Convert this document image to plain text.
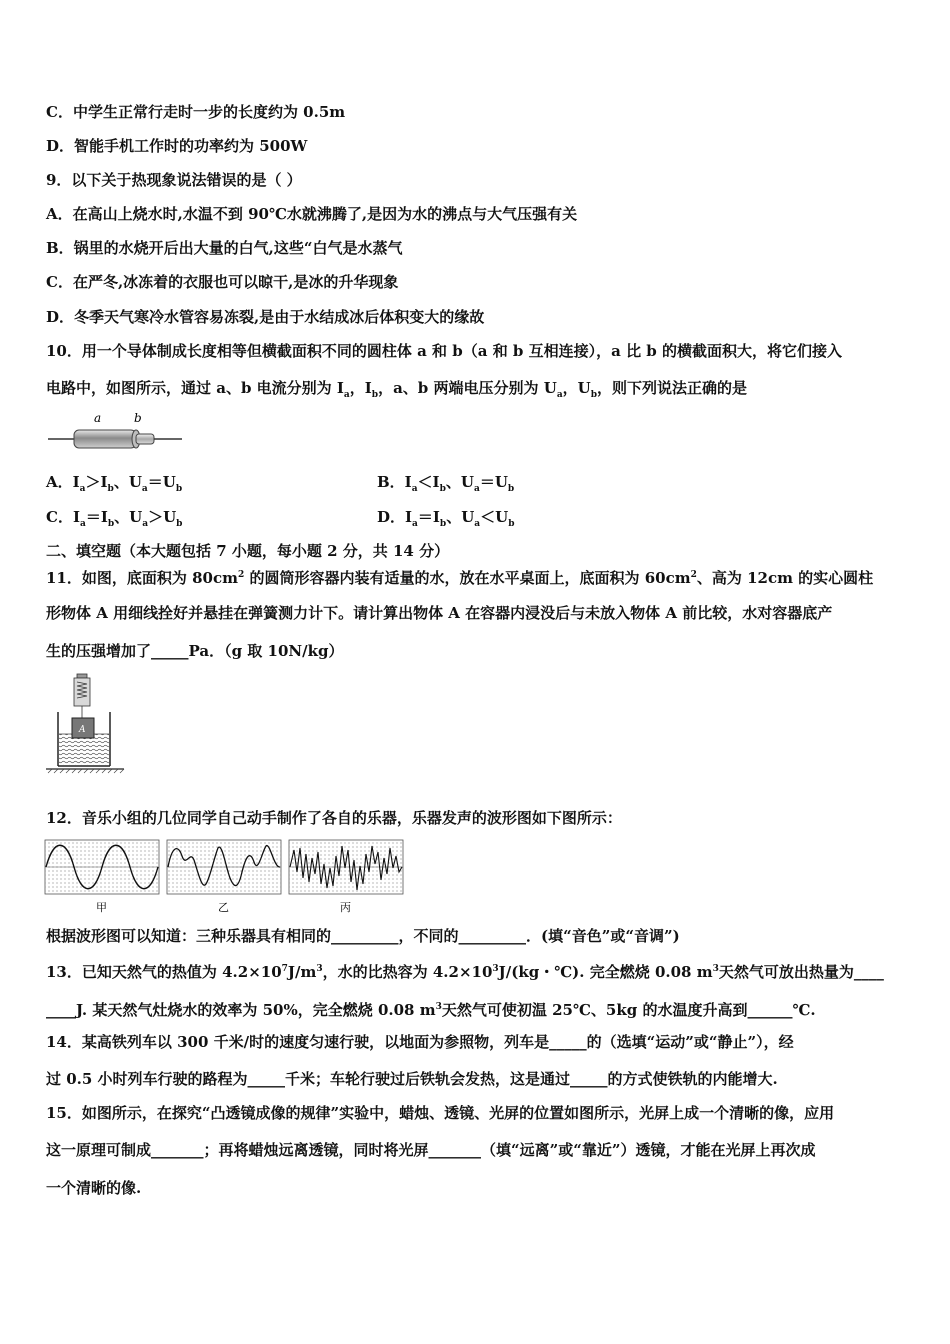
C．中学生正常行走时一步的长度约为 0.5m
D．智能手机工作时的功率约为 500W
9．以下关于热现象说法错误的是（ ）
A．在高山上烧水时,水温不到 90℃水就沸腾了,是因为水的沸点与大气压强有关
B．锅里的水烧开后出大量的白气,这些“白气是水蒸气
C．在严冬,冰冻着的衣服也可以晾干,是冰的升华现象
D．冬季天气寒冷水管容易冻裂,是由于水结成冰后体积变大的缘故
10．用一个导体制成长度相等但横截面积不同的圆柱体 a 和 b（a 和 b 互相连接），a 比 b 的横截面积大，将它们接入
电路中，如图所示，通过 a、b 电流分别为 $I_a$，$I_b$，a、b 两端电压分别为 $U_a$，$U_b$，则下列说法正确的是
a	b
A．$I_a>I_b$、$U_a=U_b$	B．$I_a<I_b$、$U_a=U_b$
C．$I_a=I_b$、$U_a>U_b$	D．$I_a=I_b$、$U_a<U_b$
二、填空题（本大题包括 7 小题，每小题 2 分，共 14 分）
11．如图，底面积为 $80cm^2$ 的圆筒形容器内装有适量的水，放在水平桌面上，底面积为 $60cm^2$、高为 12cm 的实心圆柱
形物体 A 用细线拴好并悬挂在弹簧测力计下。请计算出物体 A 在容器内浸没后与未放入物体 A 前比较，水对容器底产
生的压强增加了_____Pa．（g 取 10N/kg）
A
12．音乐小组的几位同学自己动手制作了各自的乐器，乐器发声的波形图如下图所示：
甲	乙	丙
根据波形图可以知道：三种乐器具有相同的_________，不同的_________．(填“音色”或“音调”)
13．已知天然气的热值为 $4.2\times 10^7J/m^3$，水的比热容为 $4.2\times 10^3J/(kg$・℃). 完全燃烧 0.08 $m^3$天然气可放出热量为____
____J. 某天然气灶烧水的效率为 50%，完全燃烧 0.08 $m^3$天然气可使初温 25℃、5kg 的水温度升高到______℃.
14．某高铁列车以 300 千米/时的速度匀速行驶，以地面为参照物，列车是_____的（选填“运动”或“静止”），经
过 0.5 小时列车行驶的路程为_____千米；车轮行驶过后铁轨会发热，这是通过_____的方式使铁轨的内能增大.
15．如图所示，在探究“凸透镜成像的规律”实验中，蜡烛、透镜、光屏的位置如图所示，光屏上成一个清晰的像，应用
这一原理可制成_______；再将蜡烛远离透镜，同时将光屏_______（填“远离”或“靠近”）透镜，才能在光屏上再次成
一个清晰的像.
